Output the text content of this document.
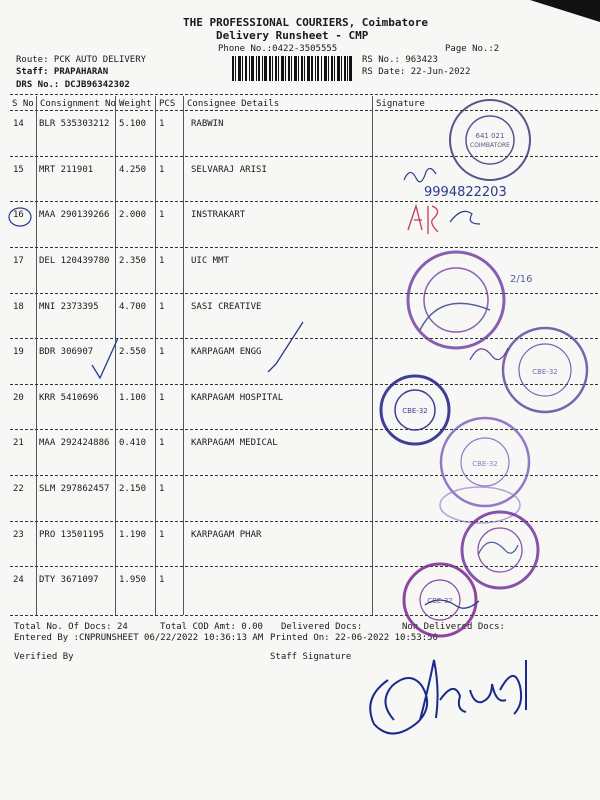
THE PROFESSIONAL COURIERS, Coimbatore
Delivery Runsheet - CMP
Phone No.:0422-3505555	Page No.:2
Route: PCK AUTO DELIVERY
Staff: PRAPAHARAN
DRS No.: DCJB96342302
RS No.: 963423
RS Date: 22-Jun-2022
S No Consignment No Weight PCS Consignee Details	Signature
14 BLR 535303212 5.100 1	RABWIN
15 MRT 211901	4.250 1	SELVARAJ ARISI
16 MAA 290139266 2.000 1	INSTRAKART
17 DEL 120439780 2.350 1	UIC MMT
18 MNI 2373395 4.700 1	SASI CREATIVE
19 BDR 306907	2.550 1	KARPAGAM ENGG
20 KRR 5410696 1.100 1	KARPAGAM HOSPITAL
21 MAA 292424886 0.410 1	KARPAGAM MEDICAL
22 SLM 297862457 2.150 1
23 PRO 13501195 1.190 1	KARPAGAM PHAR
24 DTY 3671097 1.950 1
Total No. Of Docs: 24	Total COD Amt: 0.00 Delivered Docs:	Non Delivered Docs:
Entered By :CNPRUNSHEET 06/22/2022 10:36:13 AM Printed On: 22-06-2022 10:53:50
Verified By	Staff Signature
641 021
COIMBATORE
9994822203
2/16
CBE-32
CBE-32
CBE-32
CBE-32
